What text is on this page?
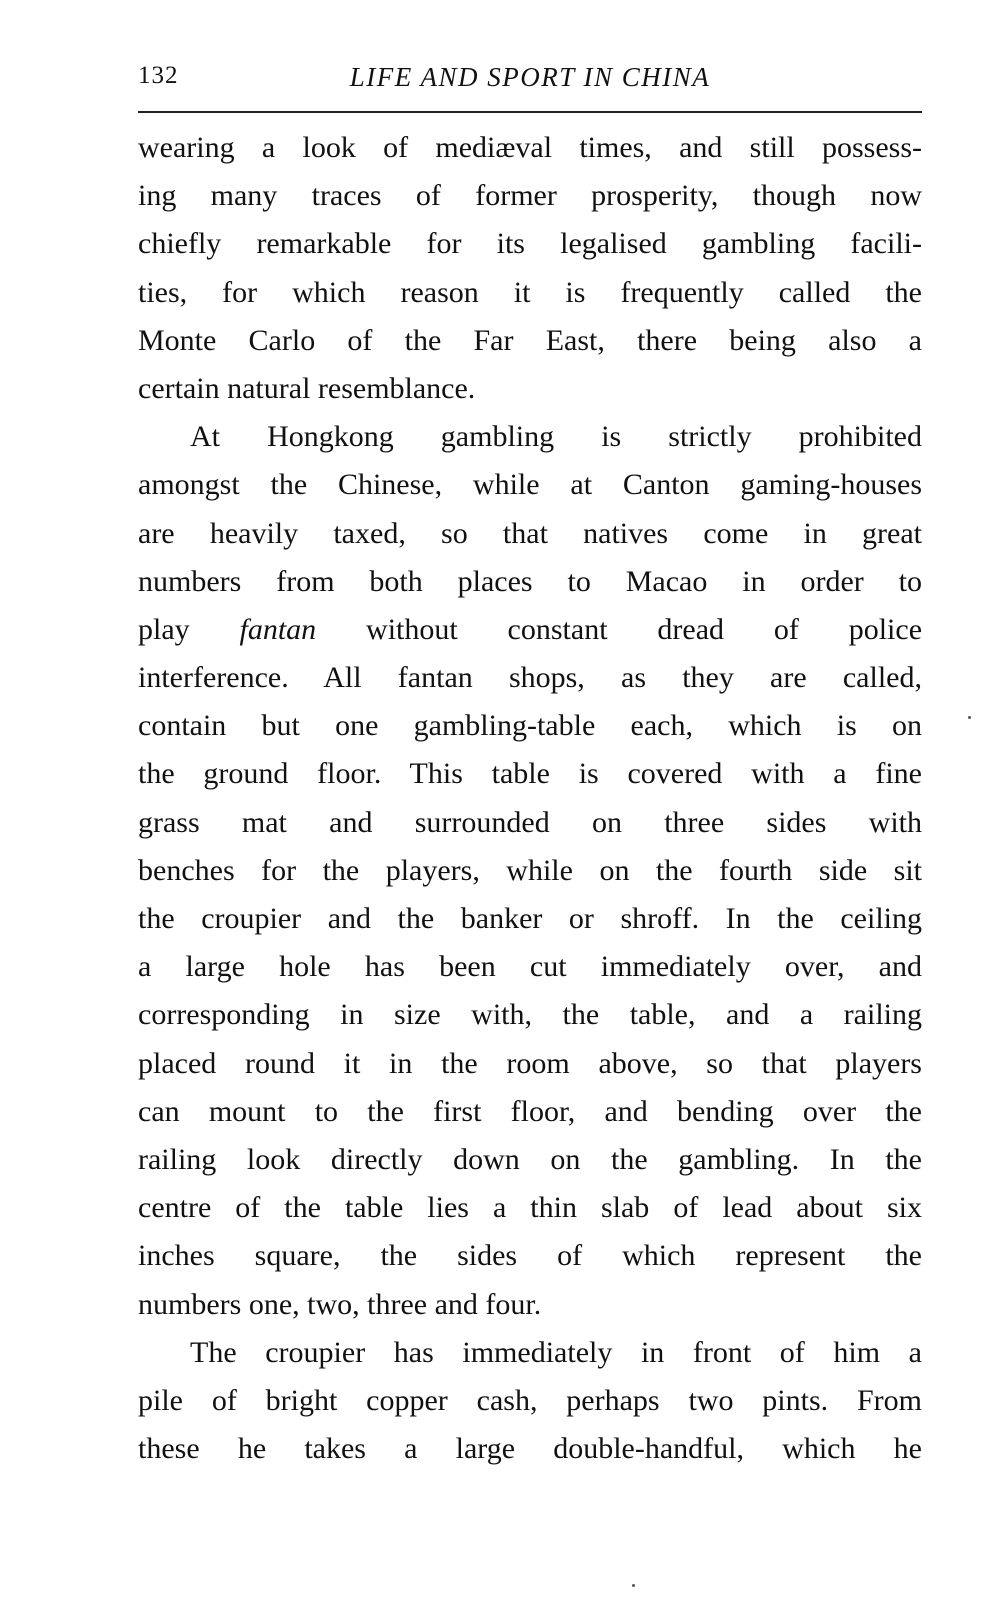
132	LIFE AND SPORT IN CHINA
wearing a look of mediæval times, and still possess-
ing many traces of former prosperity, though now
chiefly remarkable for its legalised gambling facili-
ties, for which reason it is frequently called the
Monte Carlo of the Far East, there being also a
certain natural resemblance.
At Hongkong gambling is strictly prohibited
amongst the Chinese, while at Canton gaming-houses
are heavily taxed, so that natives come in great
numbers from both places to Macao in order to
play fantan without constant dread of police
interference. All fantan shops, as they are called,
contain but one gambling-table each, which is on
the ground floor. This table is covered with a fine
grass mat and surrounded on three sides with
benches for the players, while on the fourth side sit
the croupier and the banker or shroff. In the ceiling
a large hole has been cut immediately over, and
corresponding in size with, the table, and a railing
placed round it in the room above, so that players
can mount to the first floor, and bending over the
railing look directly down on the gambling. In the
centre of the table lies a thin slab of lead about six
inches square, the sides of which represent the
numbers one, two, three and four.
The croupier has immediately in front of him a
pile of bright copper cash, perhaps two pints. From
these he takes a large double-handful, which he
